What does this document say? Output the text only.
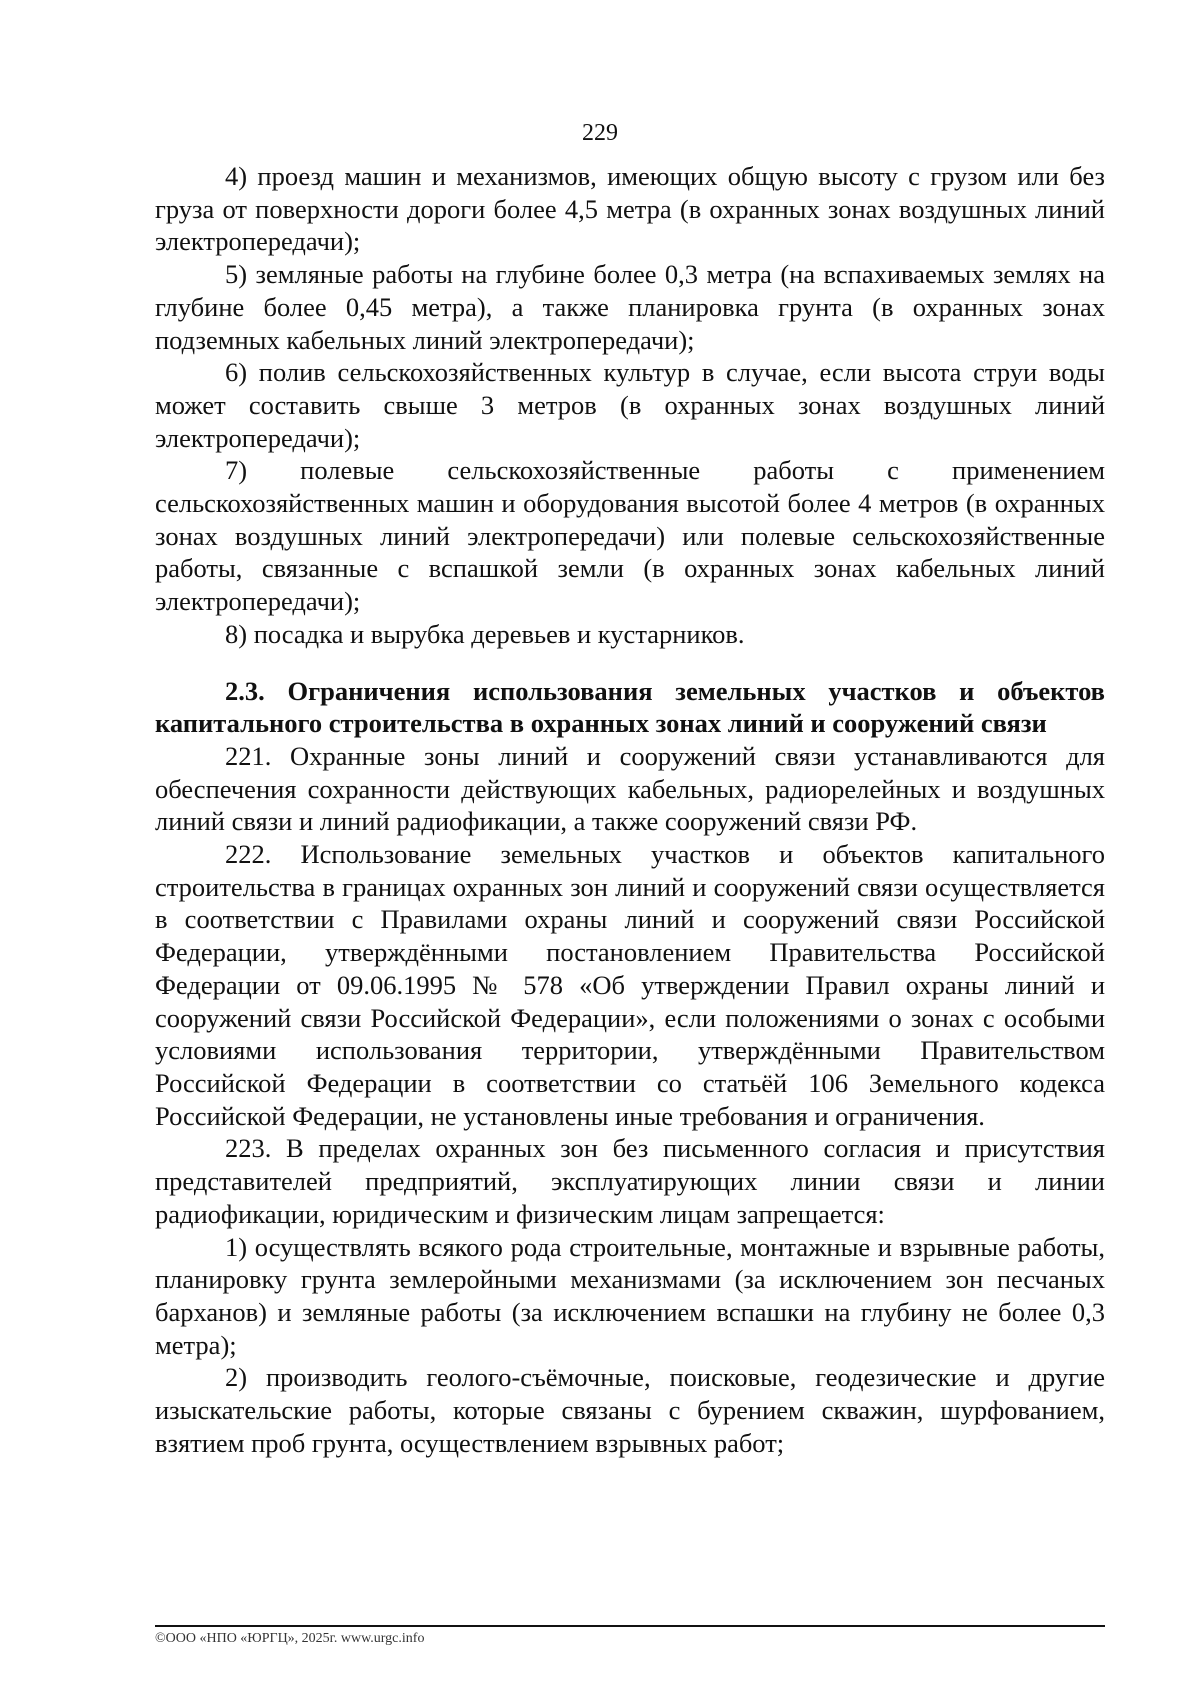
229

4) проезд машин и механизмов, имеющих общую высоту с грузом или без груза от поверхности дороги более 4,5 метра (в охранных зонах воздушных линий электропередачи);

5) земляные работы на глубине более 0,3 метра (на вспахиваемых землях на глубине более 0,45 метра), а также планировка грунта (в охранных зонах подземных кабельных линий электропередачи);

6) полив сельскохозяйственных культур в случае, если высота струи воды может составить свыше 3 метров (в охранных зонах воздушных линий электропередачи);

7) полевые сельскохозяйственные работы с применением сельскохозяйственных машин и оборудования высотой более 4 метров (в охранных зонах воздушных линий электропередачи) или полевые сельскохозяйственные работы, связанные с вспашкой земли (в охранных зонах кабельных линий электропередачи);

8) посадка и вырубка деревьев и кустарников.

2.3. Ограничения использования земельных участков и объектов капитального строительства в охранных зонах линий и сооружений связи

221. Охранные зоны линий и сооружений связи устанавливаются для обеспечения сохранности действующих кабельных, радиорелейных и воздушных линий связи и линий радиофикации, а также сооружений связи РФ.

222. Использование земельных участков и объектов капитального строительства в границах охранных зон линий и сооружений связи осуществляется в соответствии с Правилами охраны линий и сооружений связи Российской Федерации, утверждёнными постановлением Правительства Российской Федерации от 09.06.1995 № 578 «Об утверждении Правил охраны линий и сооружений связи Российской Федерации», если положениями о зонах с особыми условиями использования территории, утверждёнными Правительством Российской Федерации в соответствии со статьёй 106 Земельного кодекса Российской Федерации, не установлены иные требования и ограничения.

223. В пределах охранных зон без письменного согласия и присутствия представителей предприятий, эксплуатирующих линии связи и линии радиофикации, юридическим и физическим лицам запрещается:

1) осуществлять всякого рода строительные, монтажные и взрывные работы, планировку грунта землеройными механизмами (за исключением зон песчаных барханов) и земляные работы (за исключением вспашки на глубину не более 0,3 метра);

2) производить геолого-съёмочные, поисковые, геодезические и другие изыскательские работы, которые связаны с бурением скважин, шурфованием, взятием проб грунта, осуществлением взрывных работ;

©ООО «НПО «ЮРГЦ», 2025г. www.urgc.info
